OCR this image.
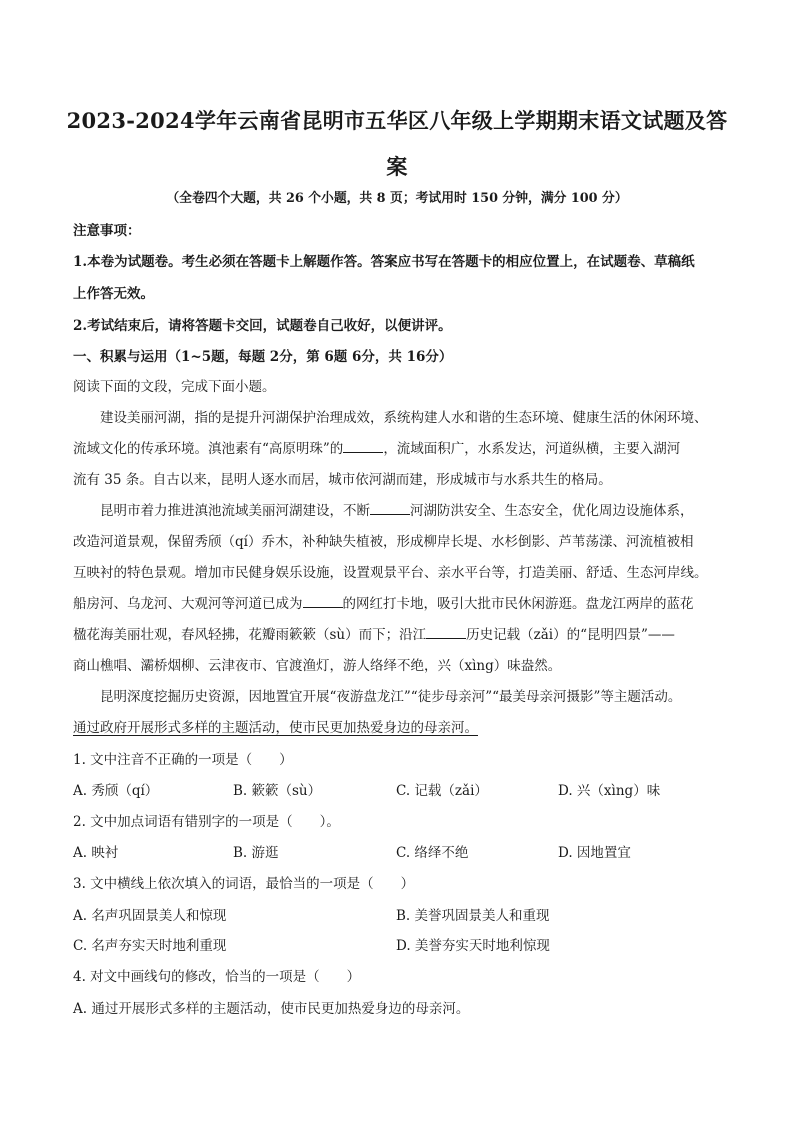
2023-2024学年云南省昆明市五华区八年级上学期期末语文试题及答
案
（全卷四个大题，共 26 个小题，共 8 页；考试用时 150 分钟，满分 100 分）
注意事项：
1.本卷为试题卷。考生必须在答题卡上解题作答。答案应书写在答题卡的相应位置上，在试题卷、草稿纸
上作答无效。
2.考试结束后，请将答题卡交回，试题卷自己收好，以便讲评。
一、积累与运用（1~5题，每题 2分，第 6题 6分，共 16分）
阅读下面的文段，完成下面小题。
建设美丽河湖，指的是提升河湖保护治理成效，系统构建人水和谐的生态环境、健康生活的休闲环境、
流域文化的传承环境。滇池素有“高原明珠”的	，流域面积广，水系发达，河道纵横，主要入湖河
流有 35 条。自古以来，昆明人逐水而居，城市依河湖而建，形成城市与水系共生的格局。
昆明市着力推进滇池流域美丽河湖建设，不断	河湖防洪安全、生态安全，优化周边设施体系，
改造河道景观，保留秀颀（qí）乔木，补种缺失植被，形成柳岸长堤、水杉倒影、芦苇荡漾、河流植被相
互映衬的特色景观。增加市民健身娱乐设施，设置观景平台、亲水平台等，打造美丽、舒适、生态河岸线。
船房河、乌龙河、大观河等河道已成为	的网红打卡地，吸引大批市民休闲游逛。盘龙江两岸的蓝花
楹花海美丽壮观，春风轻拂，花瓣雨簌簌（sù）而下；沿江	历史记载（zǎi）的“昆明四景”——
商山樵唱、灞桥烟柳、云津夜市、官渡渔灯，游人络绎不绝，兴（xìng）味盎然。
昆明深度挖掘历史资源，因地置宜开展“夜游盘龙江”“徒步母亲河”“最美母亲河摄影”等主题活动。
通过政府开展形式多样的主题活动，使市民更加热爱身边的母亲河。
1. 文中注音不正确的一项是（　　）
A. 秀颀（qí）	B. 簌簌（sù）	C. 记载（zǎi）	D. 兴（xìng）味
2. 文中加点词语有错别字的一项是（　　）。
A. 映衬	B. 游逛	C. 络绎不绝	D. 因地置宜
3. 文中横线上依次填入的词语，最恰当的一项是（　　）
A. 名声巩固景美人和惊现	B. 美誉巩固景美人和重现
C. 名声夯实天时地利重现	D. 美誉夯实天时地利惊现
4. 对文中画线句的修改，恰当的一项是（　　）
A. 通过开展形式多样的主题活动，使市民更加热爱身边的母亲河。
